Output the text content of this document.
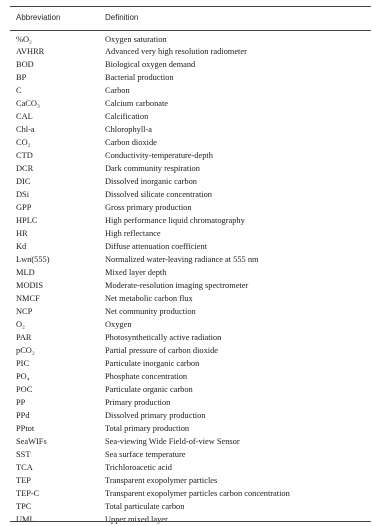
Abbreviation	Definition
%O₂	Oxygen saturation
AVHRR	Advanced very high resolution radiometer
BOD	Biological oxygen demand
BP	Bacterial production
C	Carbon
CaCO₃	Calcium carbonate
CAL	Calcification
Chl-a	Chlorophyll-a
CO₂	Carbon dioxide
CTD	Conductivity-temperature-depth
DCR	Dark community respiration
DIC	Dissolved inorganic carbon
DSi	Dissolved silicate concentration
GPP	Gross primary production
HPLC	High performance liquid chromatography
HR	High reflectance
Kd	Diffuse attenuation coefficient
Lwn(555)	Normalized water-leaving radiance at 555 nm
MLD	Mixed layer depth
MODIS	Moderate-resolution imaging spectrometer
NMCF	Net metabolic carbon flux
NCP	Net community production
O₂	Oxygen
PAR	Photosynthetically active radiation
pCO₂	Partial pressure of carbon dioxide
PIC	Particulate inorganic carbon
PO₄	Phosphate concentration
POC	Particulate organic carbon
PP	Primary production
PPd	Dissolved primary production
PPtot	Total primary production
SeaWIFs	Sea-viewing Wide Field-of-view Sensor
SST	Sea surface temperature
TCA	Trichloroacetic acid
TEP	Transparent exopolymer particles
TEP-C	Transparent exopolymer particles carbon concentration
TPC	Total particulate carbon
UML	Upper mixed layer
